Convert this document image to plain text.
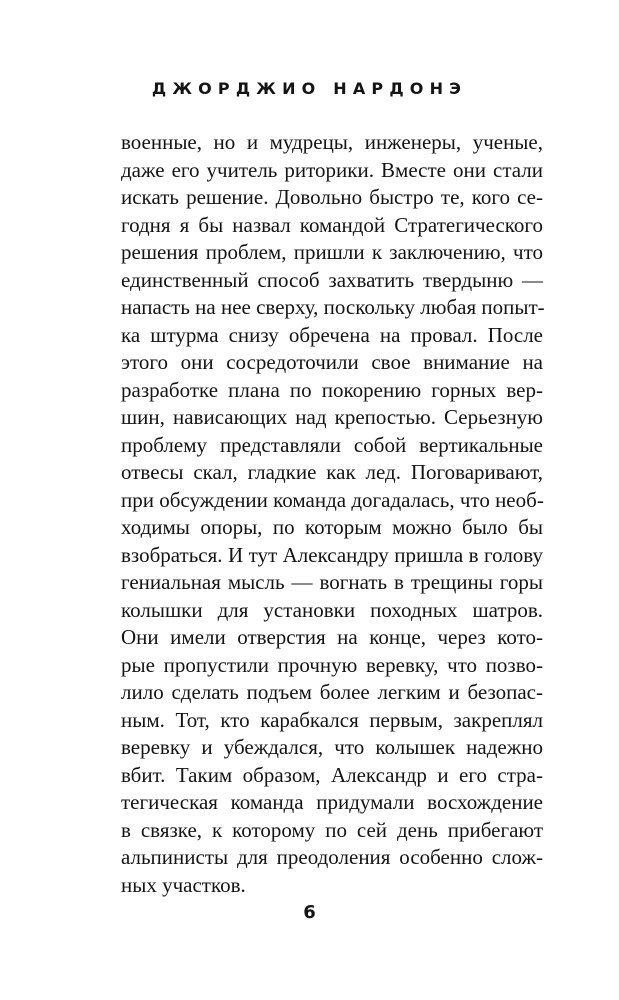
ДЖОРДЖИО НАРДОНЭ
военные, но и мудрецы, инженеры, ученые,
даже его учитель риторики. Вместе они стали
искать решение. Довольно быстро те, кого се-
годня я бы назвал командой Стратегического
решения проблем, пришли к заключению, что
единственный способ захватить твердыню —
напасть на нее сверху, поскольку любая попыт-
ка штурма снизу обречена на провал. После
этого они сосредоточили свое внимание на
разработке плана по покорению горных вер-
шин, нависающих над крепостью. Серьезную
проблему представляли собой вертикальные
отвесы скал, гладкие как лед. Поговаривают,
при обсуждении команда догадалась, что необ-
ходимы опоры, по которым можно было бы
взобраться. И тут Александру пришла в голову
гениальная мысль — вогнать в трещины горы
колышки для установки походных шатров.
Они имели отверстия на конце, через кото-
рые пропустили прочную веревку, что позво-
лило сделать подъем более легким и безопас-
ным. Тот, кто карабкался первым, закреплял
веревку и убеждался, что колышек надежно
вбит. Таким образом, Александр и его стра-
тегическая команда придумали восхождение
в связке, к которому по сей день прибегают
альпинисты для преодоления особенно слож-
ных участков.
6
